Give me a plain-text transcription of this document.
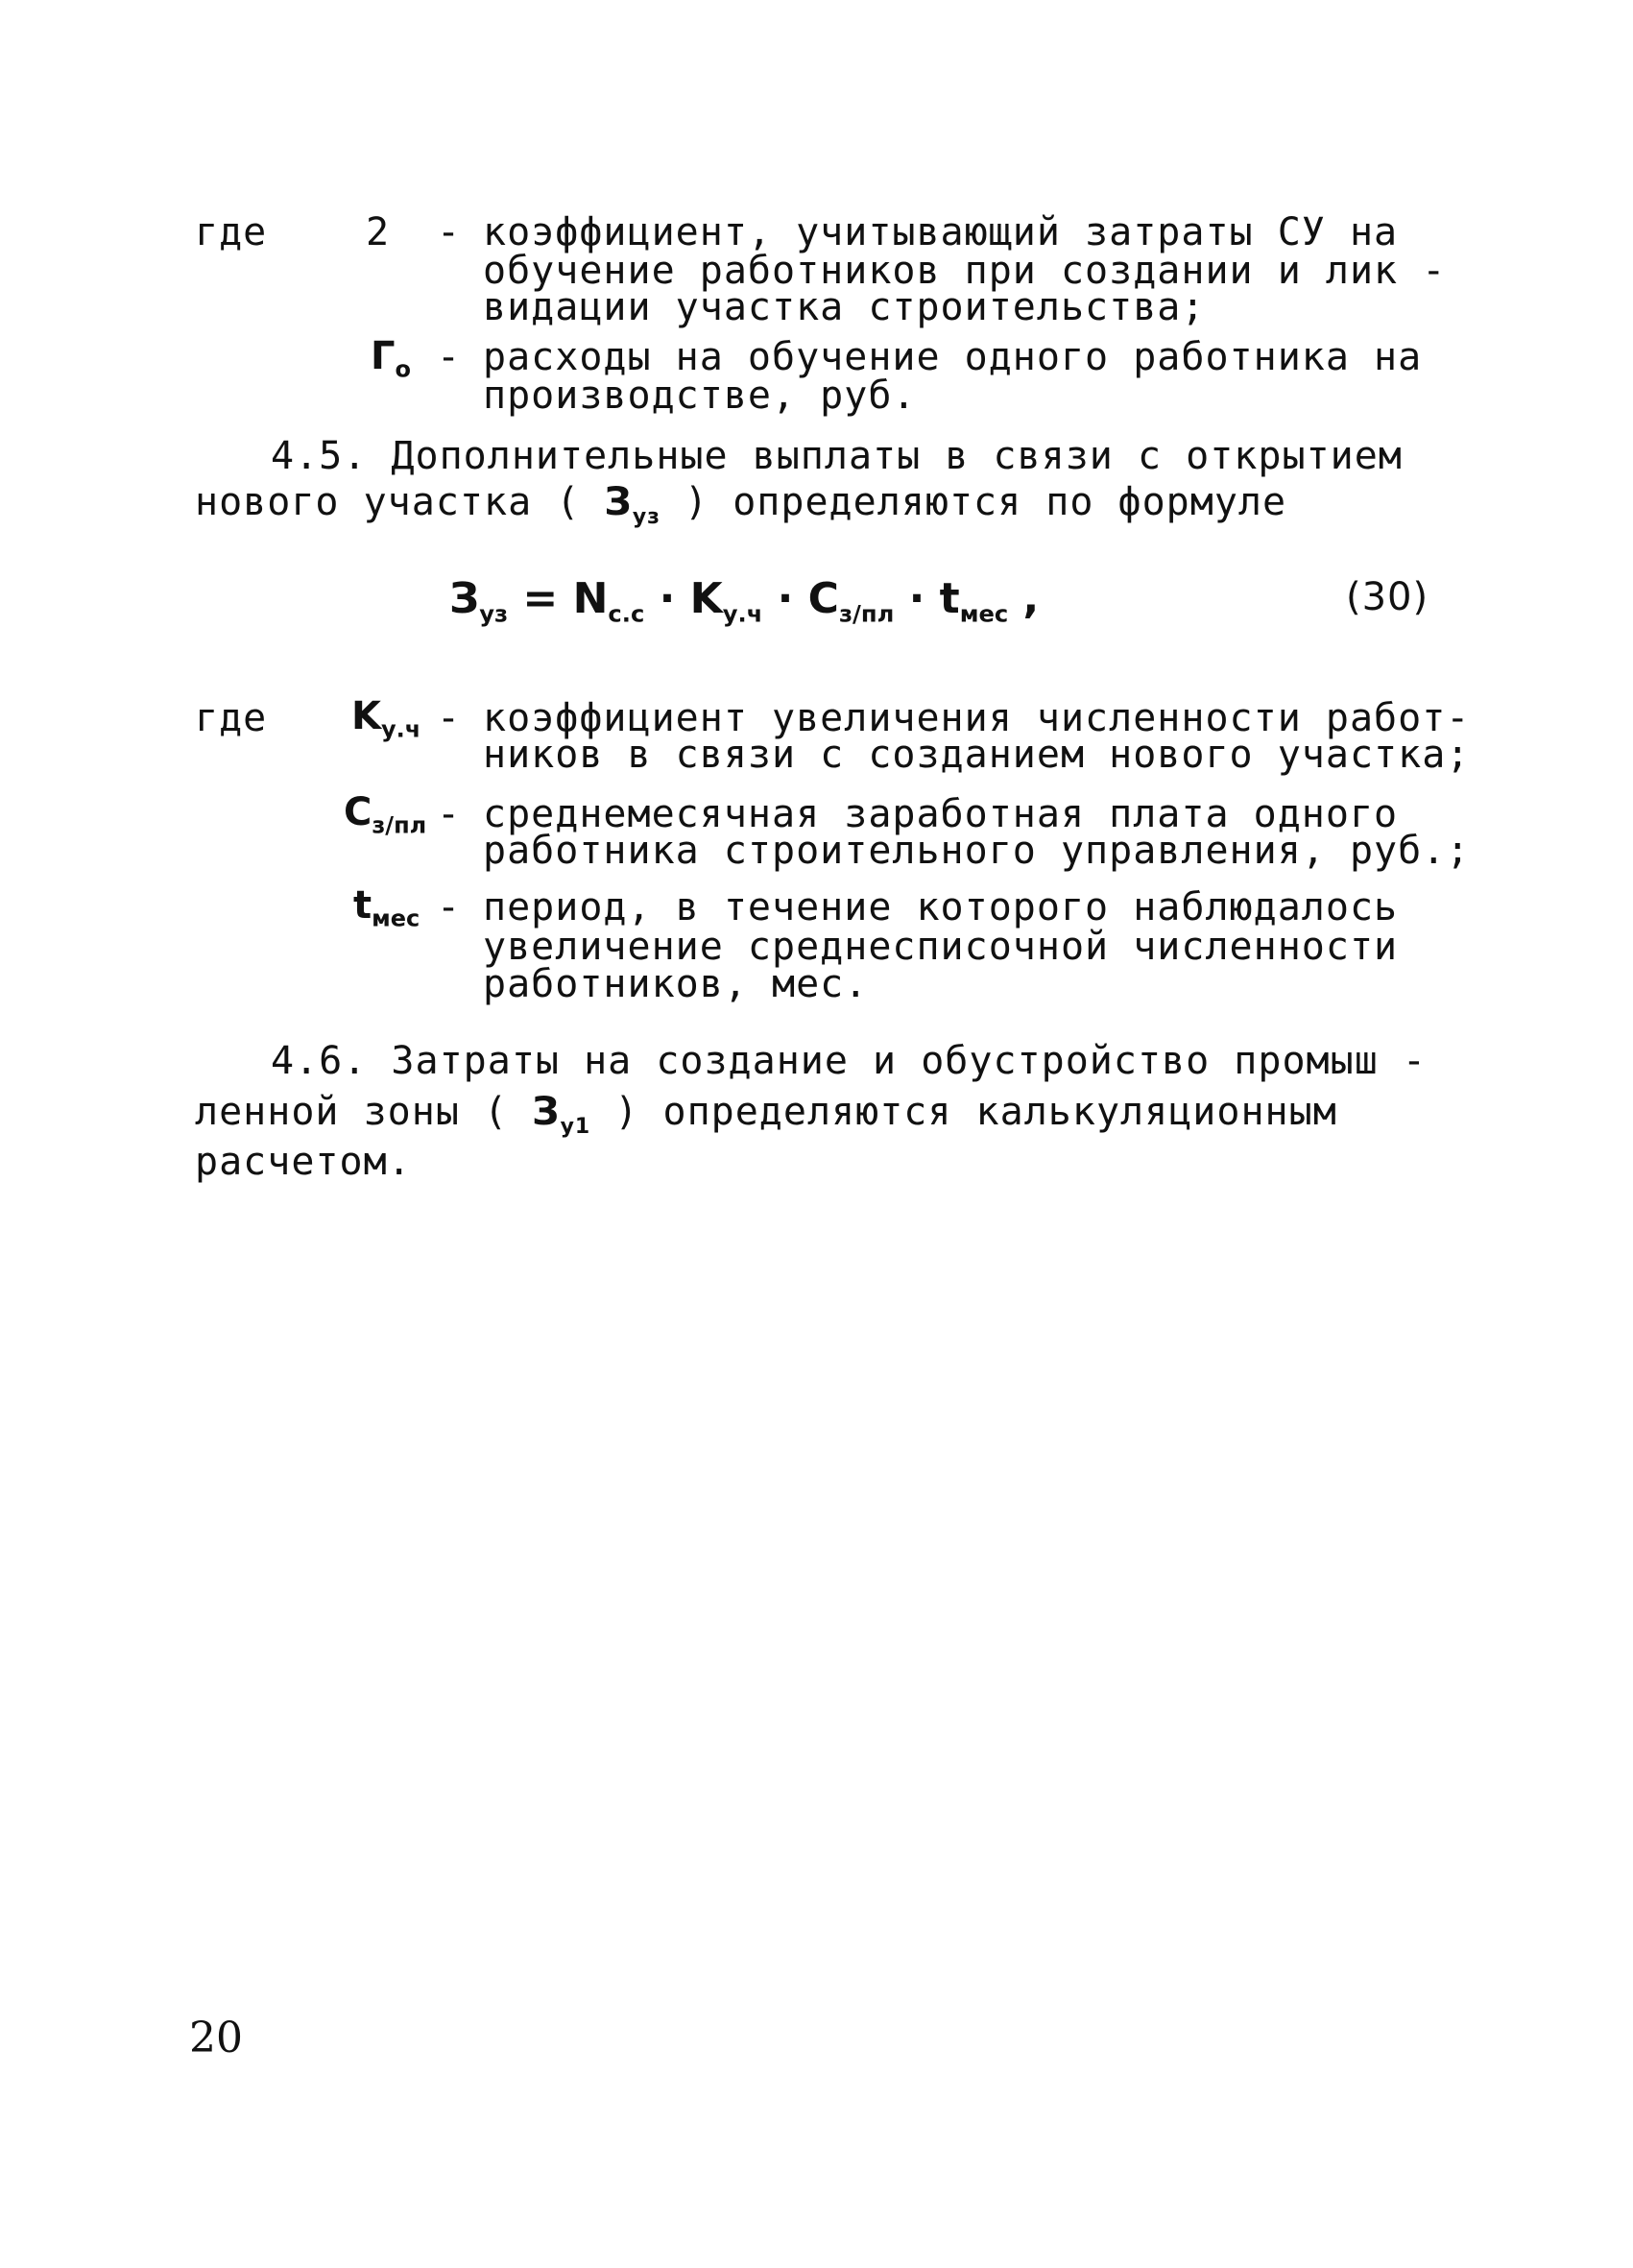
где	2 - коэффициент, учитывающий затраты СУ на
обучение работников при создании и лик -
видации участка строительства;
$Г_о$ - расходы на обучение одного работника на
производстве, руб.
4.5. Дополнительные выплаты в связи с открытием
нового участка ( $З_{уз}$ ) определяются по формуле
$З_{уз} = N_{с.с} \cdot K_{у.ч} \cdot C_{з/пл} \cdot t_{мес}$ ,	(30)
где $K_{у.ч}$ - коэффициент увеличения численности работ-
ников в связи с созданием нового участка;
$C_{з/пл}$ - среднемесячная заработная плата одного
работника строительного управления, руб.;
$t_{мес}$ - период, в течение которого наблюдалось
увеличение среднесписочной численности
работников, мес.
4.6. Затраты на создание и обустройство промыш -
ленной зоны ( $З_{у1}$ ) определяются калькуляционным
расчетом.
20
